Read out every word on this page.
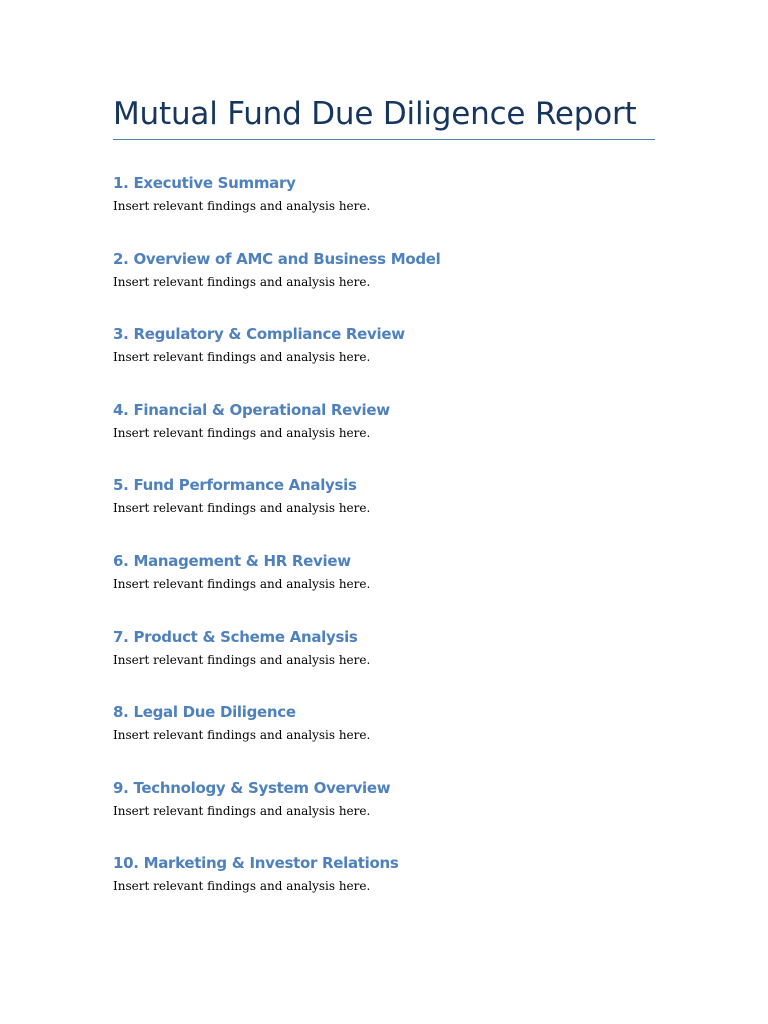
Mutual Fund Due Diligence Report
1. Executive Summary

Insert relevant findings and analysis here.

2. Overview of AMC and Business Model

Insert relevant findings and analysis here.

3. Regulatory & Compliance Review

Insert relevant findings and analysis here.

4. Financial & Operational Review

Insert relevant findings and analysis here.

5. Fund Performance Analysis

Insert relevant findings and analysis here.

6. Management & HR Review

Insert relevant findings and analysis here.

7. Product & Scheme Analysis

Insert relevant findings and analysis here.

8. Legal Due Diligence

Insert relevant findings and analysis here.

9. Technology & System Overview

Insert relevant findings and analysis here.

10. Marketing & Investor Relations

Insert relevant findings and analysis here.
